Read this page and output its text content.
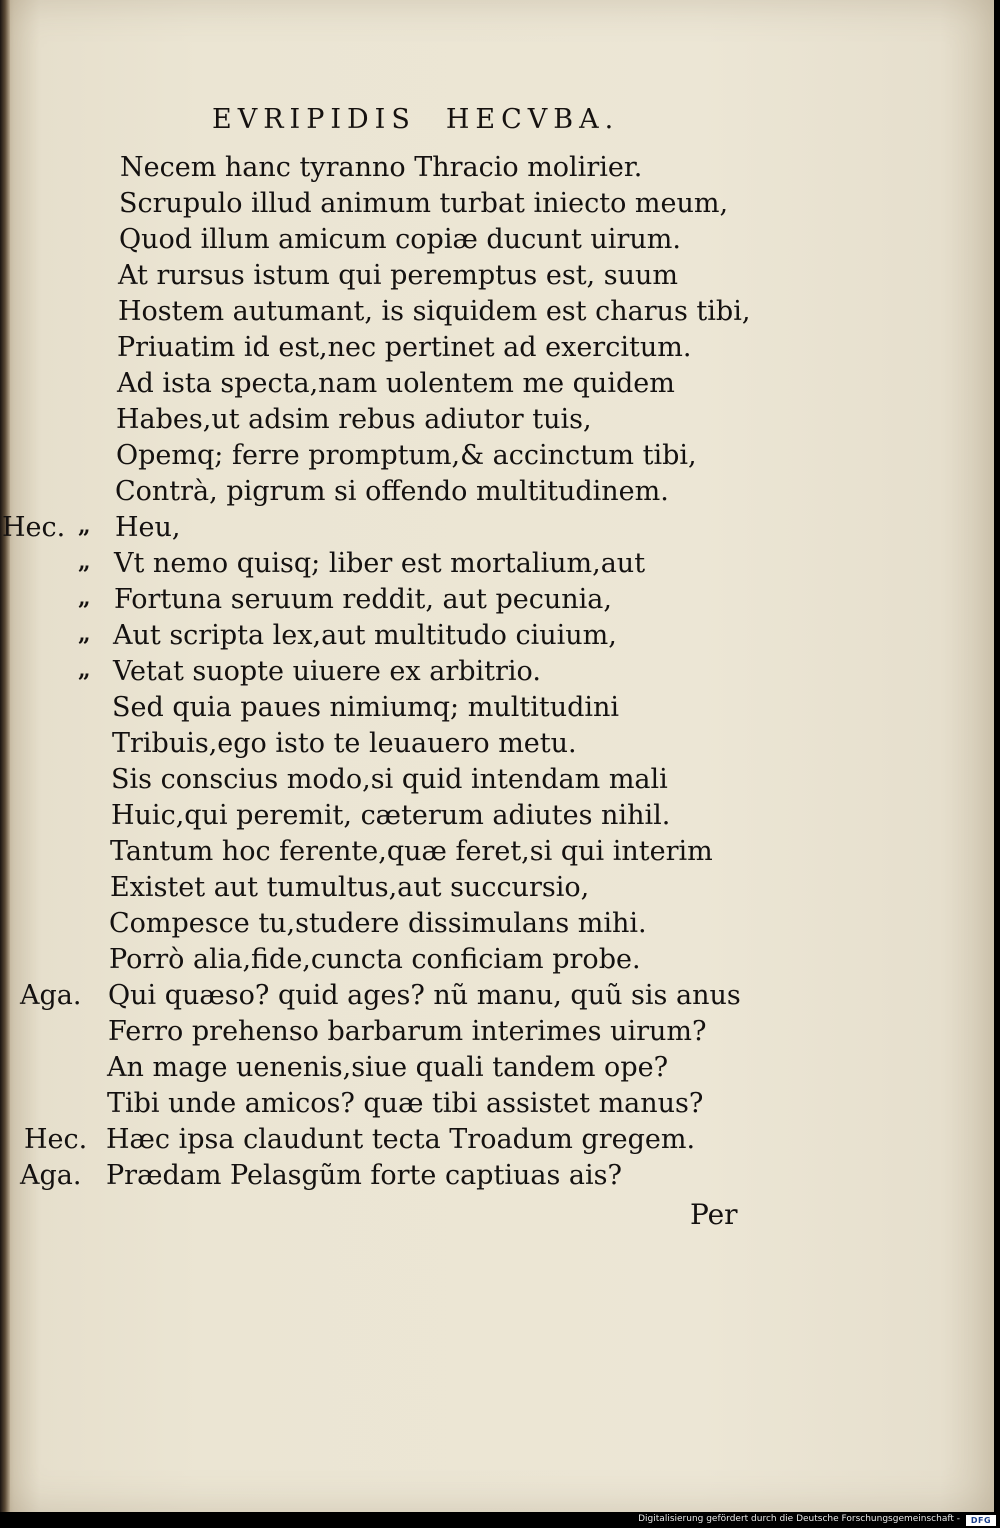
EVRIPIDIS HECVBA.
Necem hanc tyranno Thracio molirier.
Scrupulo illud animum turbat iniecto meum,
Quod illum amicum copiæ ducunt uirum.
At rursus istum qui peremptus est, suum
Hostem autumant, is siquidem est charus tibi,
Priuatim id est,nec pertinet ad exercitum.
Ad ista specta,nam uolentem me quidem
Habes,ut adsim rebus adiutor tuis,
Opemq; ferre promptum,& accinctum tibi,
Contrà, pigrum si offendo multitudinem.
Hec. „ Heu,
„ Vt nemo quisq; liber est mortalium,aut
„ Fortuna seruum reddit, aut pecunia,
„ Aut scripta lex,aut multitudo ciuium,
„ Vetat suopte uiuere ex arbitrio.
Sed quia paues nimiumq; multitudini
Tribuis,ego isto te leuauero metu.
Sis conscius modo,si quid intendam mali
Huic,qui peremit, cæterum adiutes nihil.
Tantum hoc ferente,quæ feret,si qui interim
Existet aut tumultus,aut succursio,
Compesce tu,studere dissimulans mihi.
Porrò alia,fide,cuncta conficiam probe.
Aga. Qui quæso? quid ages? nũ manu, quũ sis anus
Ferro prehenso barbarum interimes uirum?
An mage uenenis,siue quali tandem ope?
Tibi unde amicos? quæ tibi assistet manus?
Hec. Hæc ipsa claudunt tecta Troadum gregem.
Aga. Prædam Pelasgũm forte captiuas ais?
Per
Digitalisierung gefördert durch die Deutsche Forschungsgemeinschaft -	DFG
